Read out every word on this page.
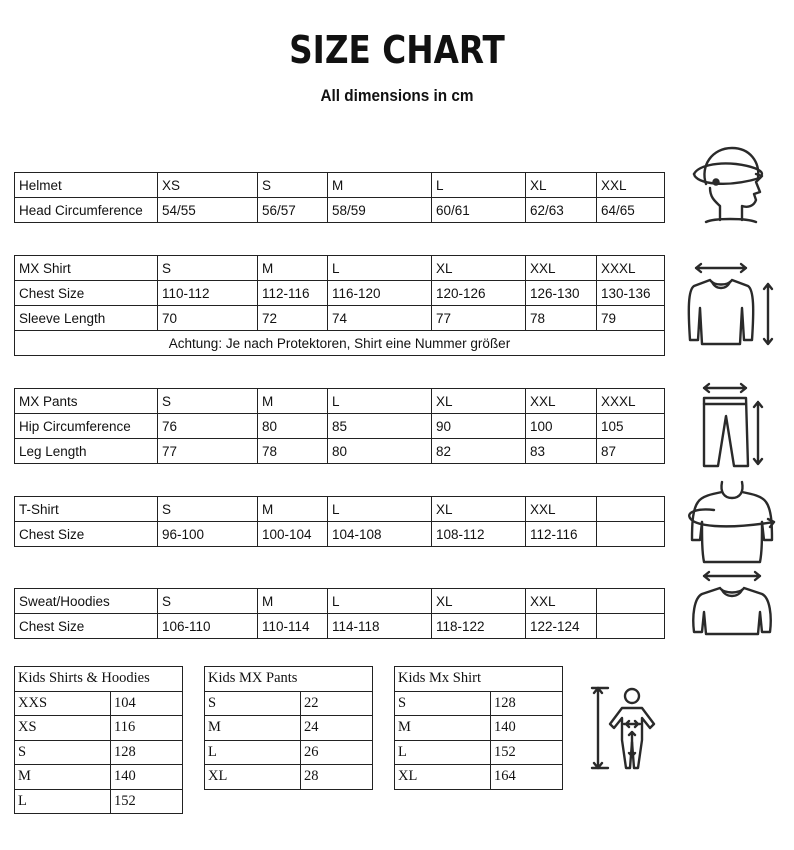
SIZE CHART
All dimensions in cm
Helmet	XS	S	M	L	XL	XXL
Head Circumference	54/55	56/57	58/59	60/61	62/63	64/65
MX Shirt	S	M	L	XL	XXL	XXXL
Chest Size	110-112	112-116	116-120	120-126	126-130	130-136
Sleeve Length	70	72	74	77	78	79
Achtung: Je nach Protektoren, Shirt eine Nummer größer						
MX Pants	S	M	L	XL	XXL	XXXL
Hip Circumference	76	80	85	90	100	105
Leg Length	77	78	80	82	83	87
T-Shirt	S	M	L	XL	XXL	
Chest Size	96-100	100-104	104-108	108-112	112-116	
Sweat/Hoodies	S	M	L	XL	XXL	
Chest Size	106-110	110-114	114-118	118-122	122-124	
Kids Shirts & Hoodies	
XXS	104
XS	116
S	128
M	140
L	152
Kids MX Pants	
S	22
M	24
L	26
XL	28
Kids Mx Shirt	
S	128
M	140
L	152
XL	164
